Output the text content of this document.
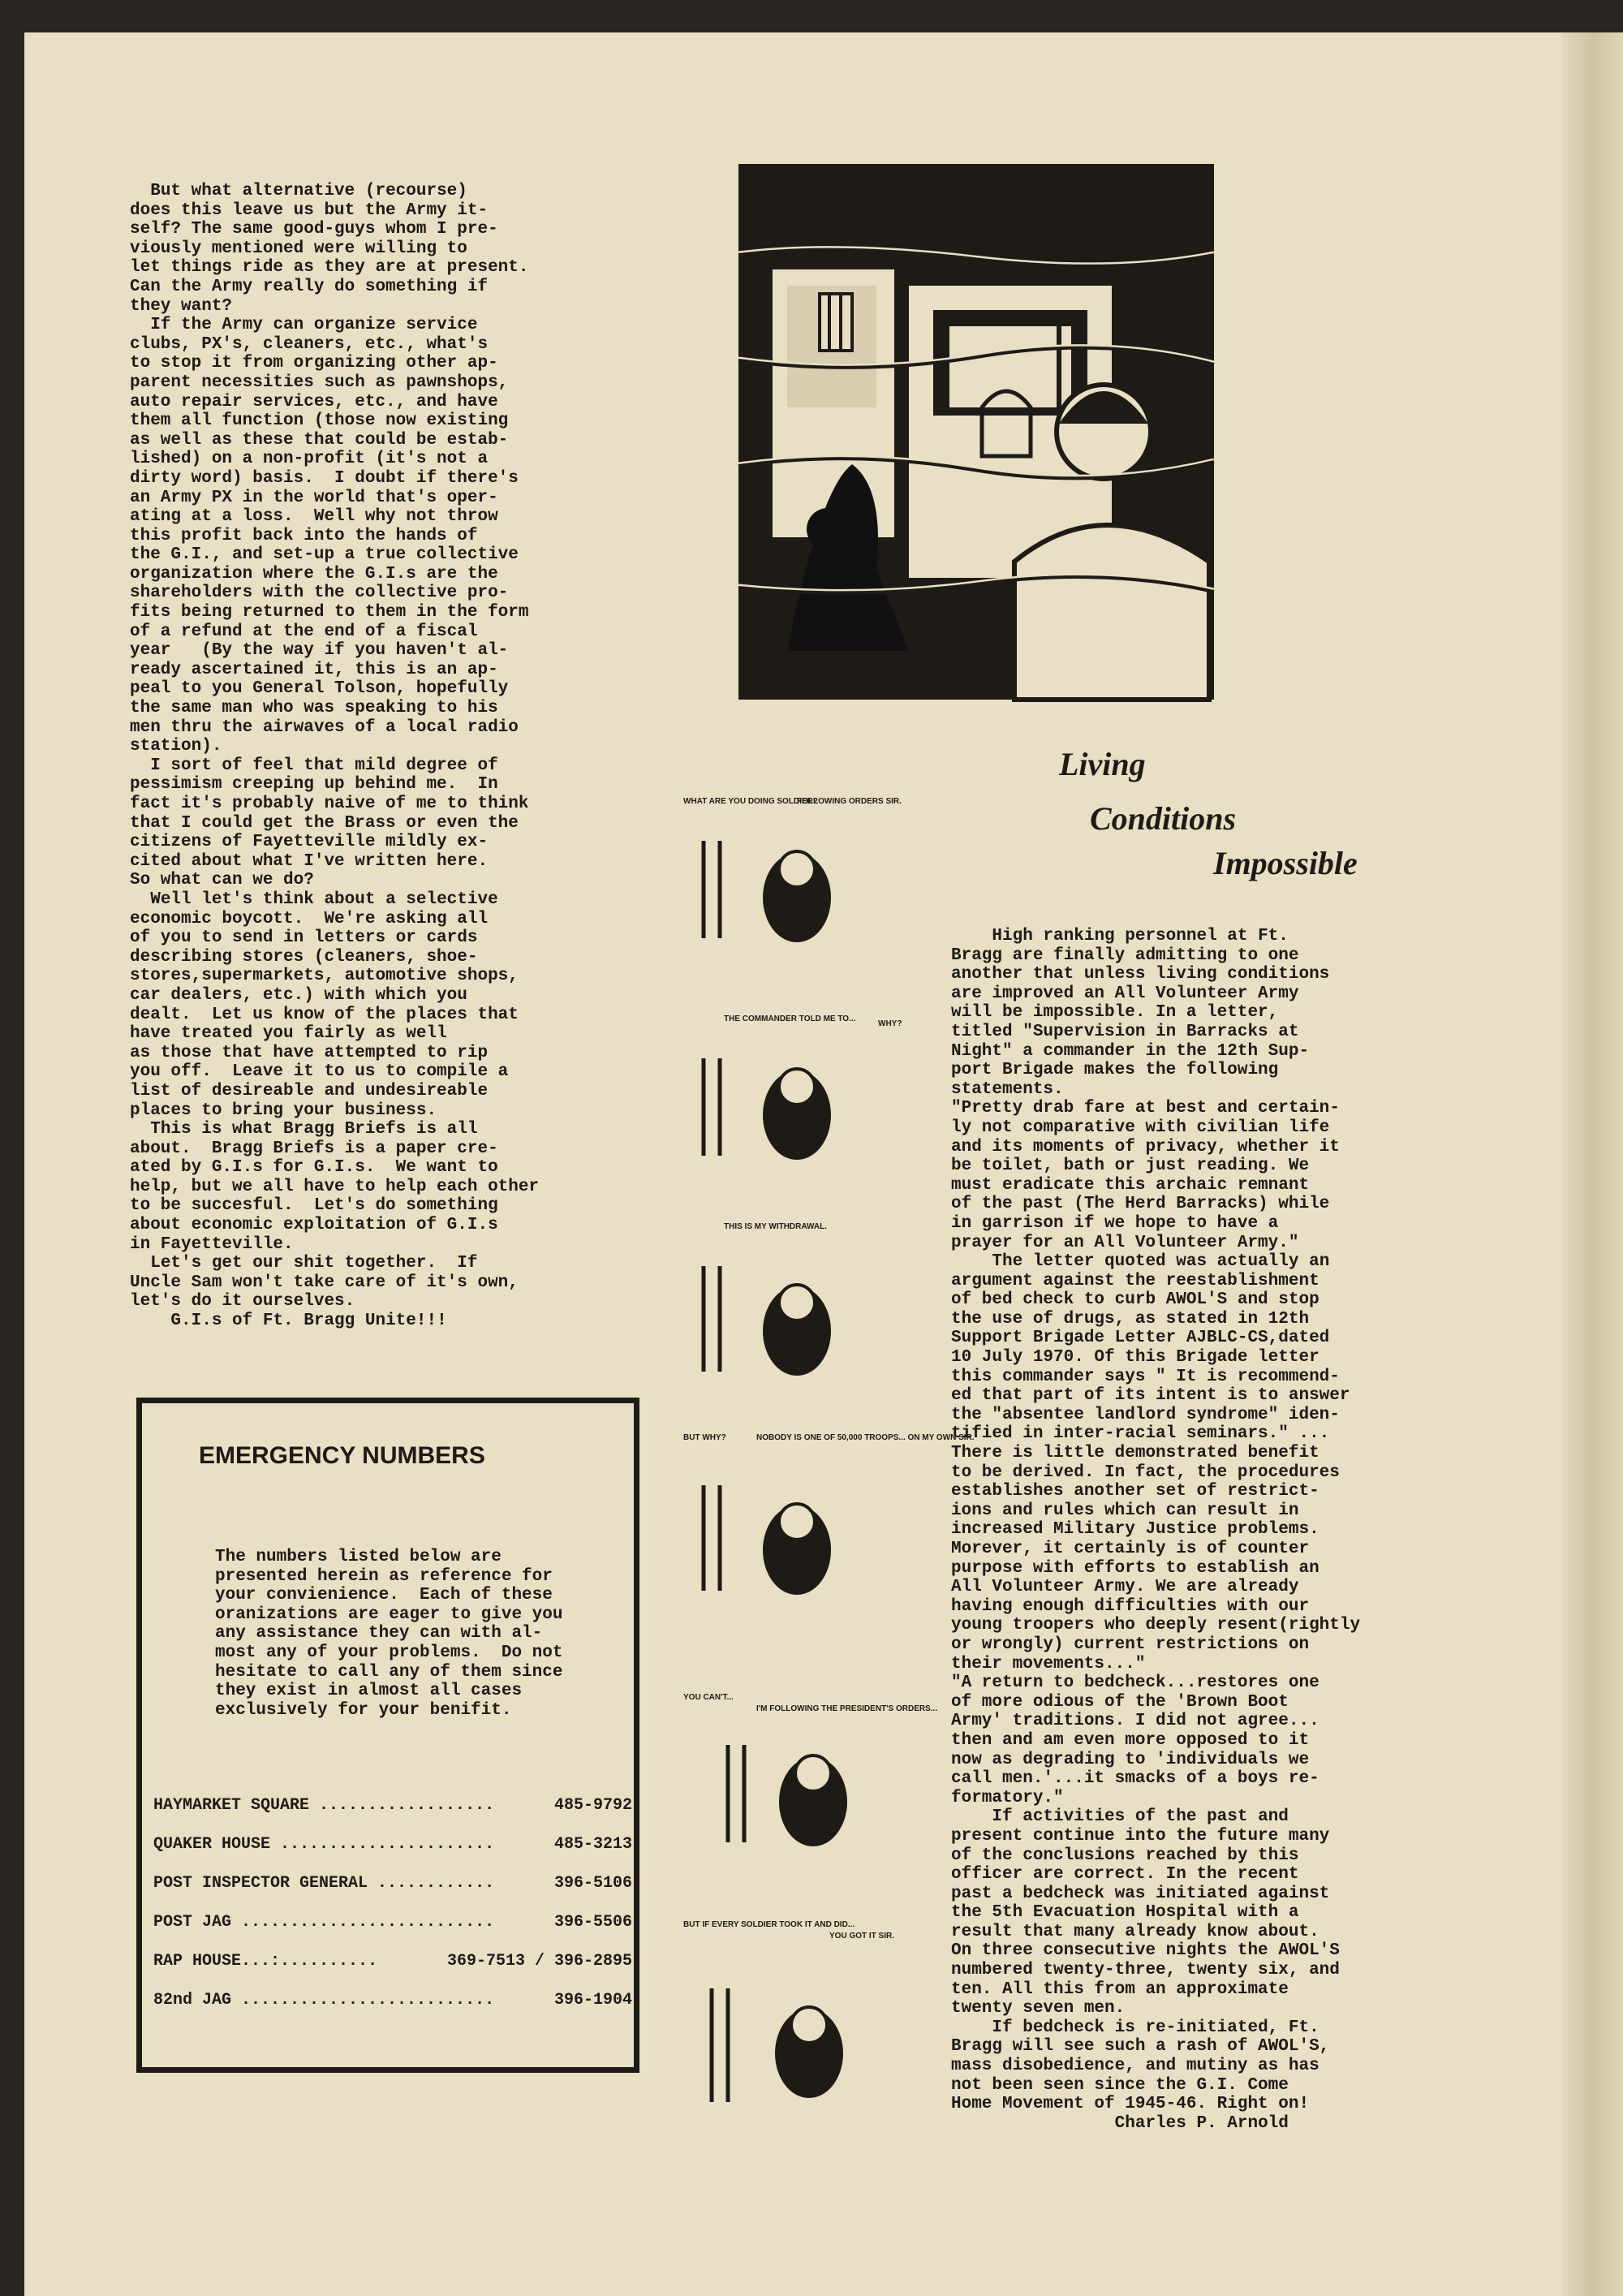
But what alternative (recourse)
does this leave us but the Army it-
self? The same good-guys whom I pre-
viously mentioned were willing to
let things ride as they are at present.
Can the Army really do something if
they want?
If the Army can organize service
clubs, PX's, cleaners, etc., what's
to stop it from organizing other ap-
parent necessities such as pawnshops,
auto repair services, etc., and have
them all function (those now existing
as well as these that could be estab-
lished) on a non-profit (it's not a
dirty word) basis.  I doubt if there's
an Army PX in the world that's oper-
ating at a loss.  Well why not throw
this profit back into the hands of
the G.I., and set-up a true collective
organization where the G.I.s are the
shareholders with the collective pro-
fits being returned to them in the form
of a refund at the end of a fiscal
year   (By the way if you haven't al-
ready ascertained it, this is an ap-
peal to you General Tolson, hopefully
the same man who was speaking to his
men thru the airwaves of a local radio
station).
I sort of feel that mild degree of
pessimism creeping up behind me.  In
fact it's probably naive of me to think
that I could get the Brass or even the
citizens of Fayetteville mildly ex-
cited about what I've written here.
So what can we do?
Well let's think about a selective
economic boycott.  We're asking all
of you to send in letters or cards
describing stores (cleaners, shoe-
stores,supermarkets, automotive shops,
car dealers, etc.) with which you
dealt.  Let us know of the places that
have treated you fairly as well
as those that have attempted to rip
you off.  Leave it to us to compile a
list of desireable and undesireable
places to bring your business.
This is what Bragg Briefs is all
about.  Bragg Briefs is a paper cre-
ated by G.I.s for G.I.s.  We want to
help, but we all have to help each other
to be succesful.  Let's do something
about economic exploitation of G.I.s
in Fayetteville.
Let's get our shit together.  If
Uncle Sam won't take care of it's own,
let's do it ourselves.
G.I.s of Ft. Bragg Unite!!!
Living
Conditions
Impossible
High ranking personnel at Ft.
Bragg are finally admitting to one
another that unless living conditions
are improved an All Volunteer Army
will be impossible. In a letter,
titled "Supervision in Barracks at
Night" a commander in the 12th Sup-
port Brigade makes the following
statements.
"Pretty drab fare at best and certain-
ly not comparative with civilian life
and its moments of privacy, whether it
be toilet, bath or just reading. We
must eradicate this archaic remnant
of the past (The Herd Barracks) while
in garrison if we hope to have a
prayer for an All Volunteer Army."
The letter quoted was actually an
argument against the reestablishment
of bed check to curb AWOL'S and stop
the use of drugs, as stated in 12th
Support Brigade Letter AJBLC-CS,dated
10 July 1970. Of this Brigade letter
this commander says " It is recommend-
ed that part of its intent is to answer
the "absentee landlord syndrome" iden-
tified in inter-racial seminars." ...
There is little demonstrated benefit
to be derived. In fact, the procedures
establishes another set of restrict-
ions and rules which can result in
increased Military Justice problems.
Morever, it certainly is of counter
purpose with efforts to establish an
All Volunteer Army. We are already
having enough difficulties with our
young troopers who deeply resent(rightly
or wrongly) current restrictions on
their movements..."
"A return to bedcheck...restores one
of more odious of the 'Brown Boot
Army' traditions. I did not agree...
then and am even more opposed to it
now as degrading to 'individuals we
call men.'...it smacks of a boys re-
formatory."
If activities of the past and
present continue into the future many
of the conclusions reached by this
officer are correct. In the recent
past a bedcheck was initiated against
the 5th Evacuation Hospital with a
result that many already know about.
On three consecutive nights the AWOL'S
numbered twenty-three, twenty six, and
ten. All this from an approximate
twenty seven men.
If bedcheck is re-initiated, Ft.
Bragg will see such a rash of AWOL'S,
mass disobedience, and mutiny as has
not been seen since the G.I. Come
Home Movement of 1945-46. Right on!
Charles P. Arnold
WHAT ARE YOU DOING SOLDIER?
FOLLOWING ORDERS SIR.
WHY?
THE COMMANDER TOLD ME TO...
THIS IS MY WITHDRAWAL.
BUT WHY?	NOBODY IS ONE OF 50,000 TROOPS... ON MY OWN SIR.
YOU CAN'T...
I'M FOLLOWING THE PRESIDENT'S ORDERS...
BUT IF EVERY SOLDIER TOOK IT AND DID...
YOU GOT IT SIR.
EMERGENCY NUMBERS
The numbers listed below are
presented herein as reference for
your convienience.  Each of these
oranizations are eager to give you
any assistance they can with al-
most any of your problems.  Do not
hesitate to call any of them since
they exist in almost all cases
exclusively for your benifit.

HAYMARKET SQUARE ..................

	485-9792

QUAKER HOUSE ......................

	485-3213

POST INSPECTOR GENERAL ............

	396-5106

POST JAG ..........................

	396-5506

RAP HOUSE...:..........

	369-7513 / 396-2895

82nd JAG ..........................

	396-1904
